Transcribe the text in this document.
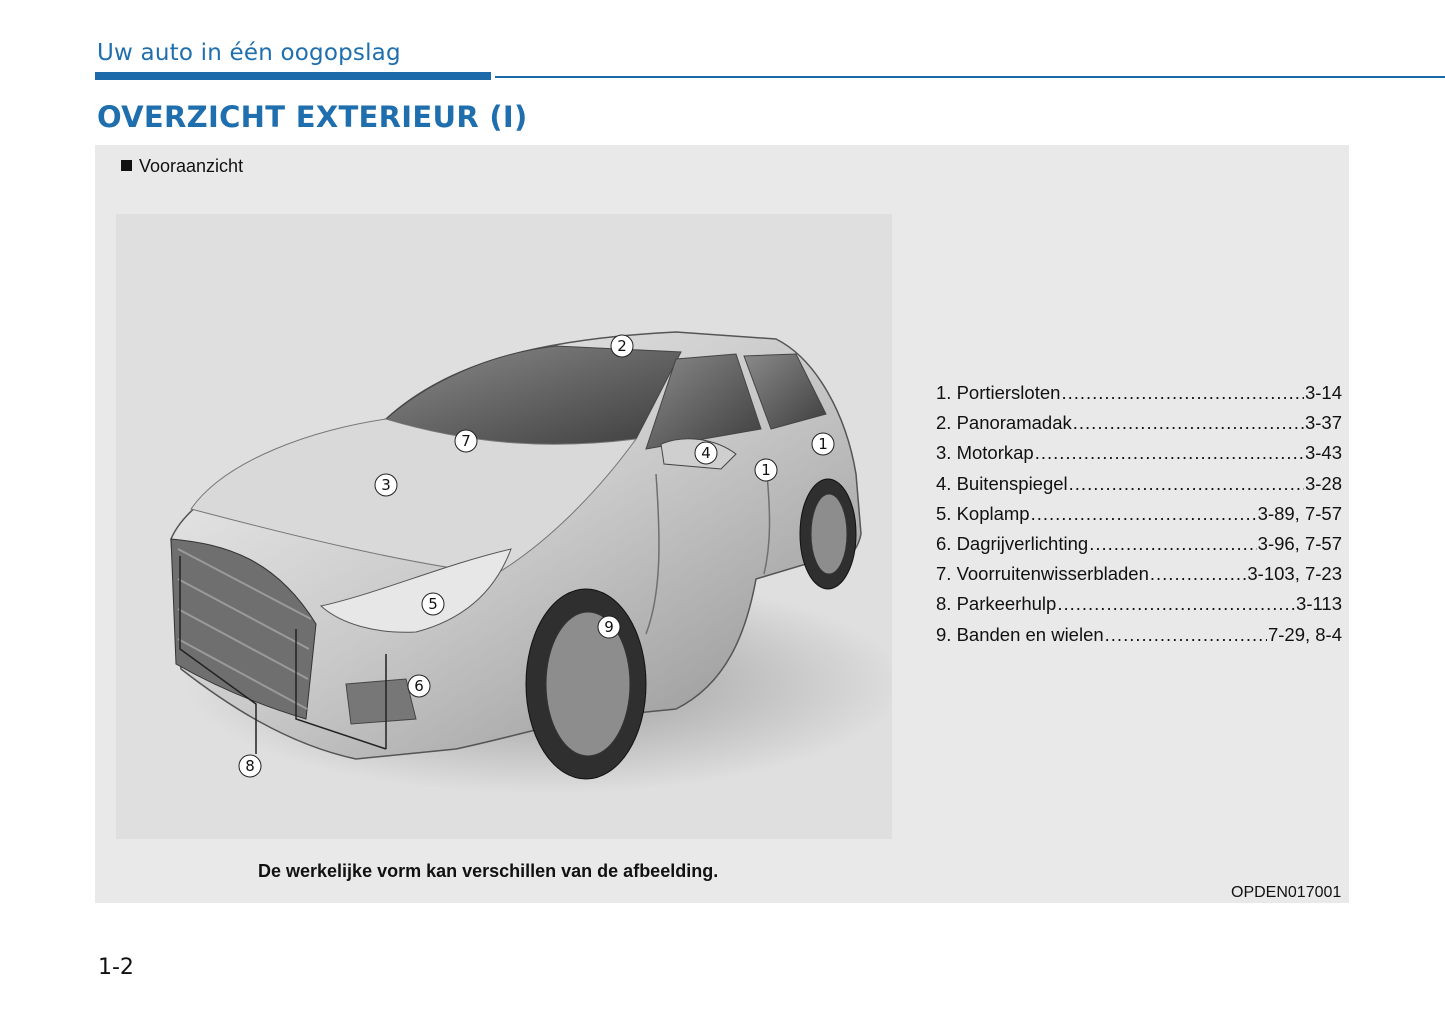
Uw auto in één oogopslag
OVERZICHT EXTERIEUR (I)
Vooraanzicht
2
7
4
1
1
3
5
9
6
8
1. Portiersloten .....	3-14
2. Panoramadak .....	3-37
3. Motorkap .....	3-43
4. Buitenspiegel .....	3-28
5. Koplamp .....	3-89, 7-57
6. Dagrijverlichting .....	3-96, 7-57
7. Voorruitenwisserbladen .....	3-103, 7-23
8. Parkeerhulp .....	3-113
9. Banden en wielen .....	7-29, 8-4
De werkelijke vorm kan verschillen van de afbeelding.
OPDEN017001
1-2
